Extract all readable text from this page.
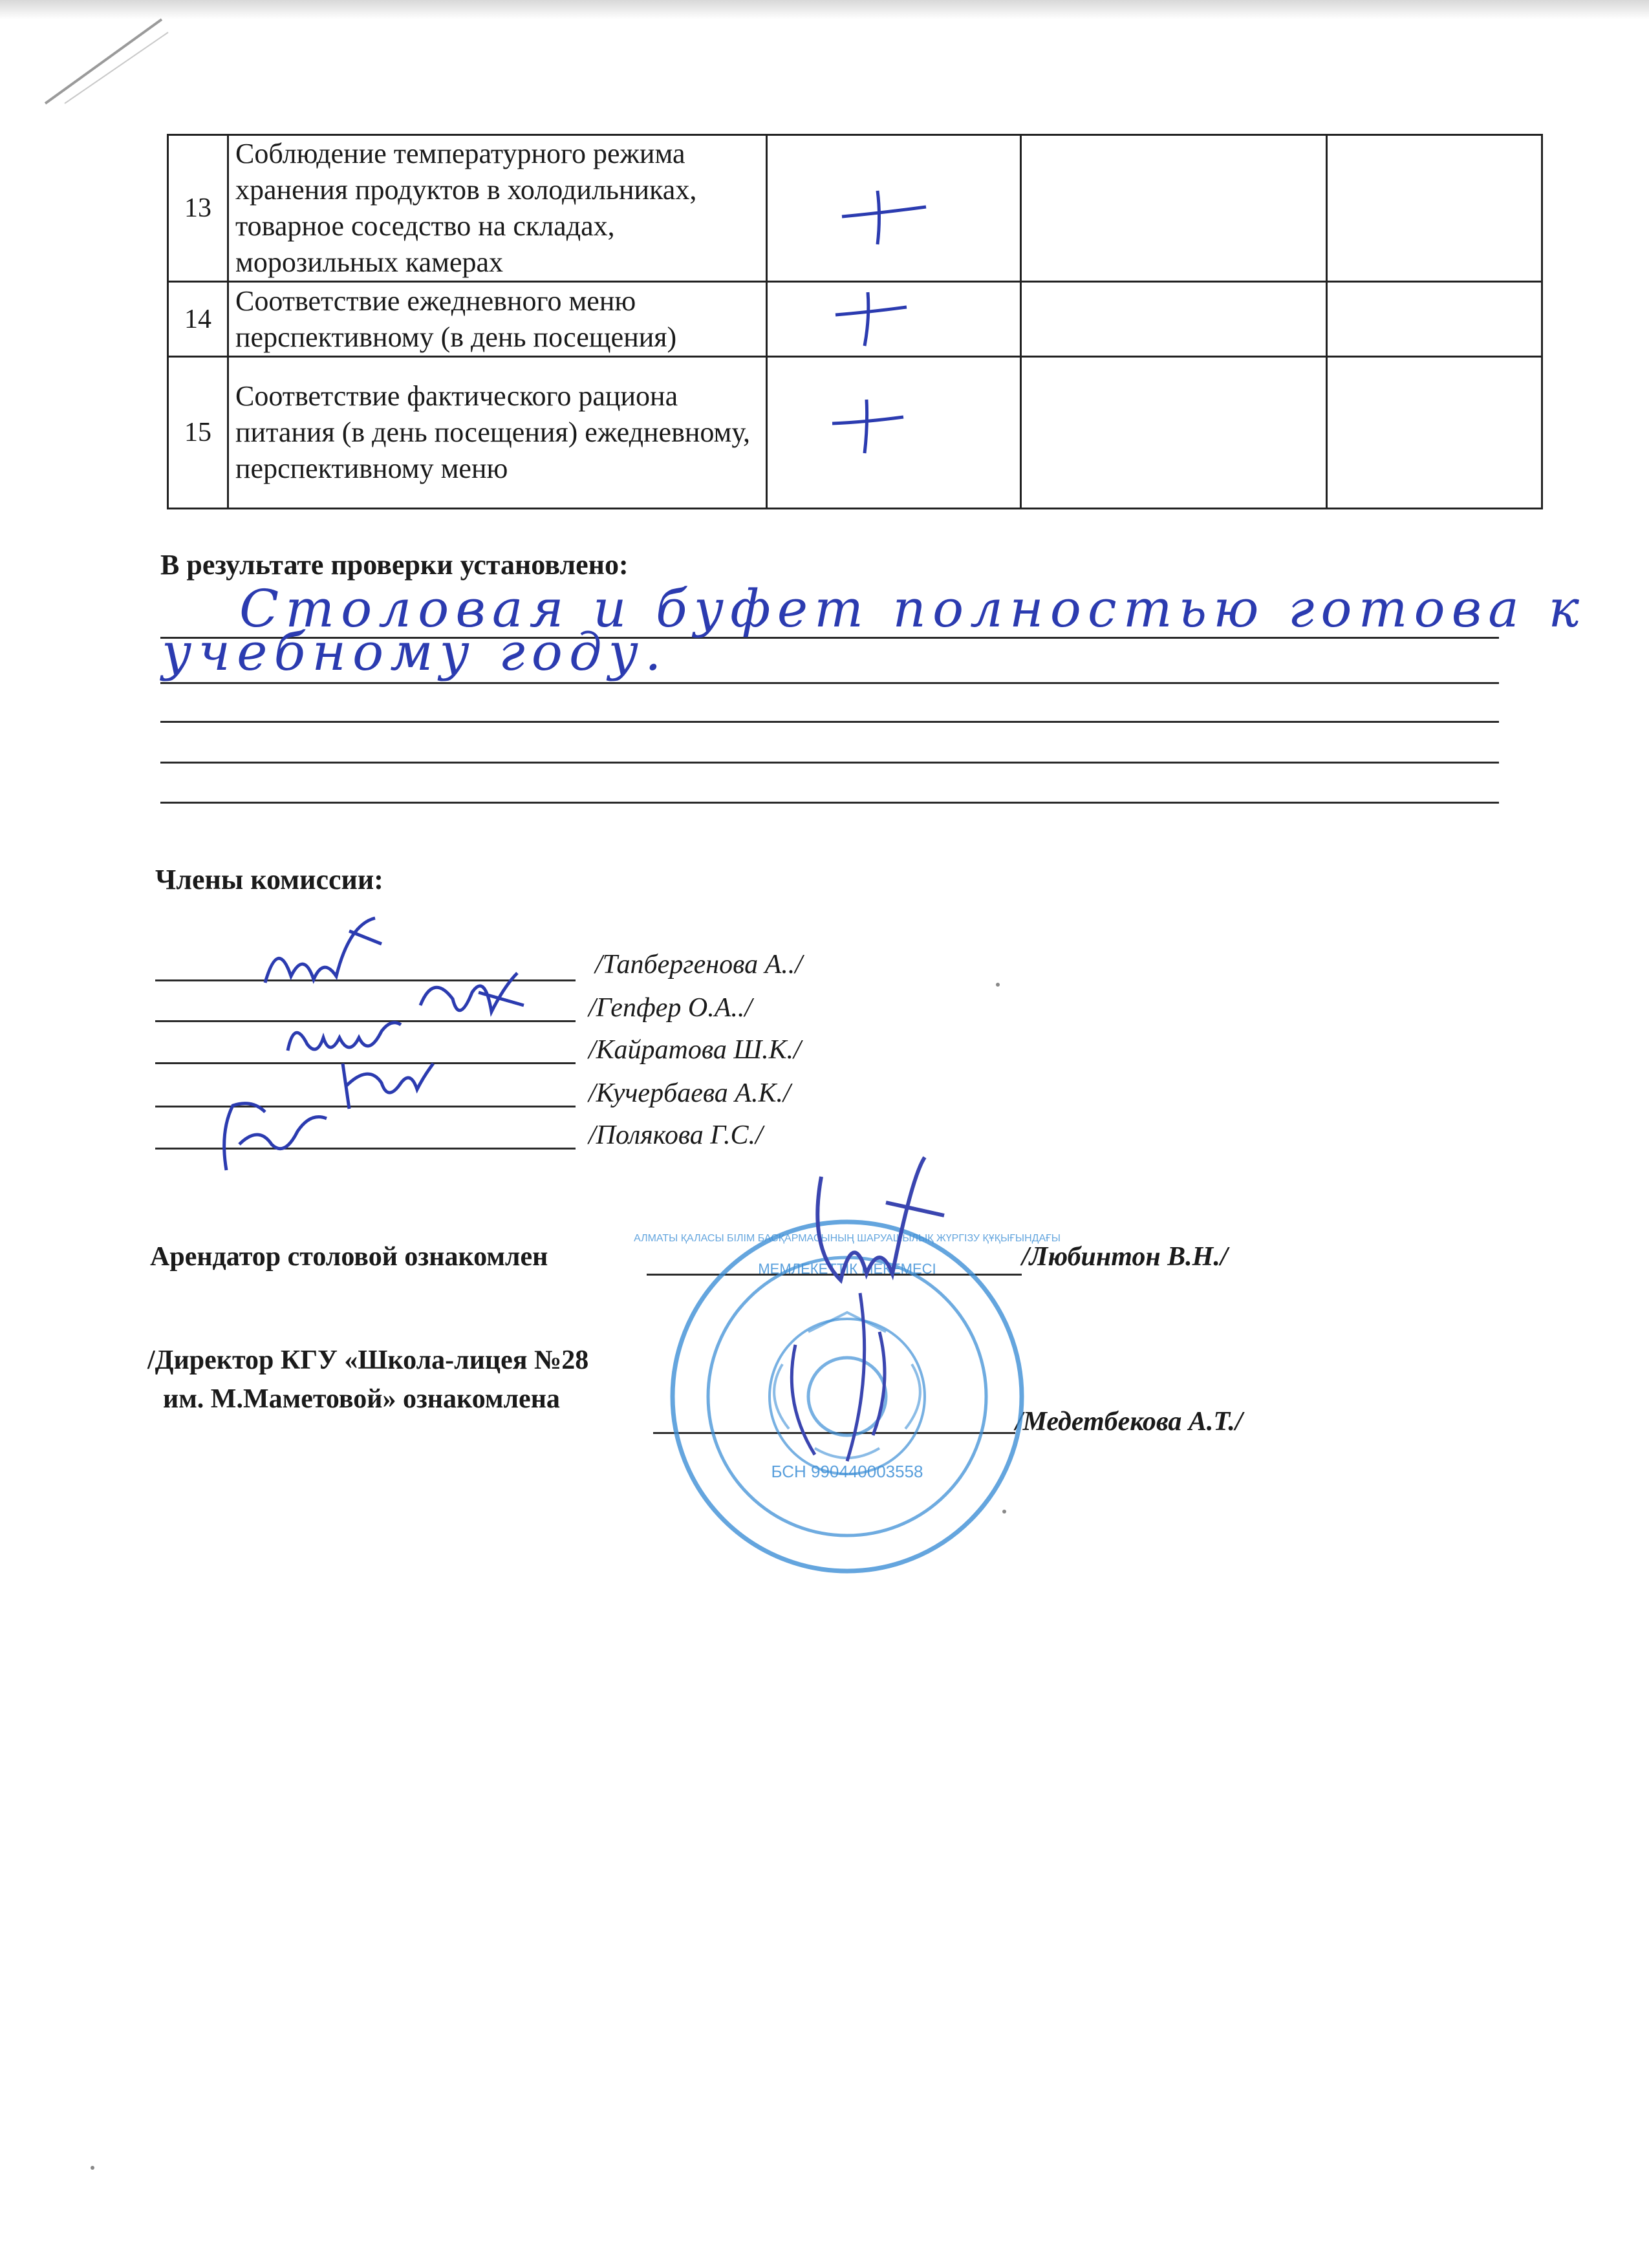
13	Соблюдение температурного режима хранения продуктов в холодильниках, товарное соседство на складах, морозильных камерах	

14	Соответствие ежедневного меню перспективному (в день посещения)	

15	Соответствие фактического рациона питания (в день посещения) ежедневному, перспективному меню	

В результате проверки установлено:
Столовая и буфет полностью готова к
учебному году.
Члены комиссии:
/Тапбергенова А../
/Гепфер О.А../
/Кайратова Ш.К./
/Кучербаева А.К./
/Полякова Г.С./
Арендатор столовой ознакомлен	/Любинтон В.Н./
/Директор КГУ «Школа-лицея №28
им. М.Маметовой» ознакомлена
/Медетбекова А.Т./
БСН 990440003558
МЕМЛЕКЕТТІК МЕКЕМЕСІ
АЛМАТЫ ҚАЛАСЫ БІЛІМ БАСҚАРМАСЫНЫҢ ШАРУАШЫЛЫҚ ЖҮРГІЗУ ҚҰҚЫҒЫНДАҒЫ
